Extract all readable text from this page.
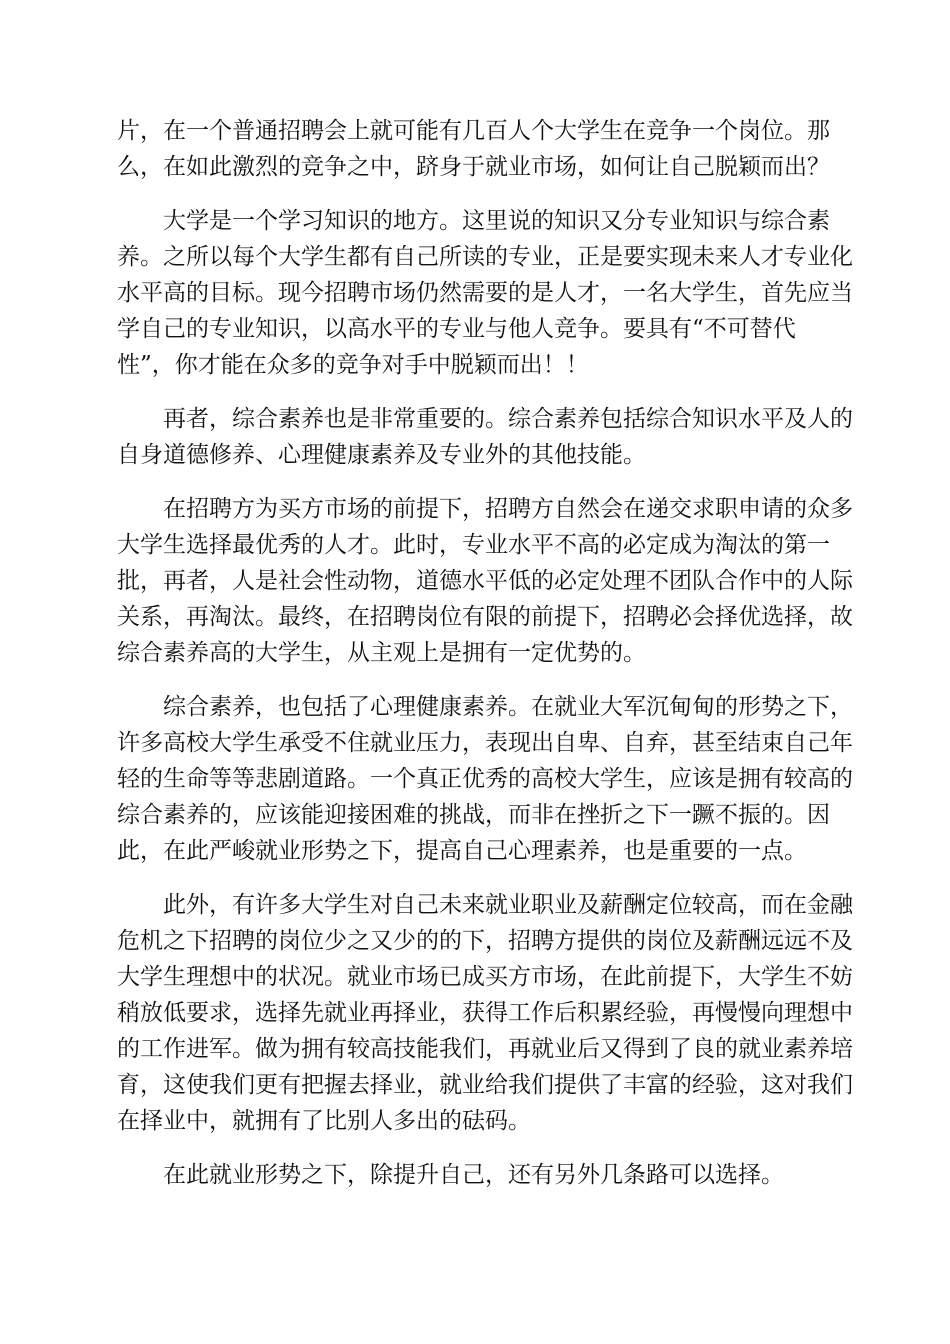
片，在一个普通招聘会上就可能有几百人个大学生在竞争一个岗位。那
么，在如此激烈的竞争之中，跻身于就业市场，如何让自己脱颖而出？
大学是一个学习知识的地方。这里说的知识又分专业知识与综合素
养。之所以每个大学生都有自己所读的专业，正是要实现未来人才专业化
水平高的目标。现今招聘市场仍然需要的是人才，一名大学生，首先应当
学自己的专业知识，以高水平的专业与他人竞争。要具有“不可替代
性”，你才能在众多的竞争对手中脱颖而出！！
再者，综合素养也是非常重要的。综合素养包括综合知识水平及人的
自身道德修养、心理健康素养及专业外的其他技能。
在招聘方为买方市场的前提下，招聘方自然会在递交求职申请的众多
大学生选择最优秀的人才。此时，专业水平不高的必定成为淘汰的第一
批，再者，人是社会性动物，道德水平低的必定处理不团队合作中的人际
关系，再淘汰。最终，在招聘岗位有限的前提下，招聘必会择优选择，故
综合素养高的大学生，从主观上是拥有一定优势的。
综合素养，也包括了心理健康素养。在就业大军沉甸甸的形势之下，
许多高校大学生承受不住就业压力，表现出自卑、自弃，甚至结束自己年
轻的生命等等悲剧道路。一个真正优秀的高校大学生，应该是拥有较高的
综合素养的，应该能迎接困难的挑战，而非在挫折之下一蹶不振的。因
此，在此严峻就业形势之下，提高自己心理素养，也是重要的一点。
此外，有许多大学生对自己未来就业职业及薪酬定位较高，而在金融
危机之下招聘的岗位少之又少的的下，招聘方提供的岗位及薪酬远远不及
大学生理想中的状况。就业市场已成买方市场，在此前提下，大学生不妨
稍放低要求，选择先就业再择业，获得工作后积累经验，再慢慢向理想中
的工作进军。做为拥有较高技能我们，再就业后又得到了良的就业素养培
育，这使我们更有把握去择业，就业给我们提供了丰富的经验，这对我们
在择业中，就拥有了比别人多出的砝码。
在此就业形势之下，除提升自己，还有另外几条路可以选择。
